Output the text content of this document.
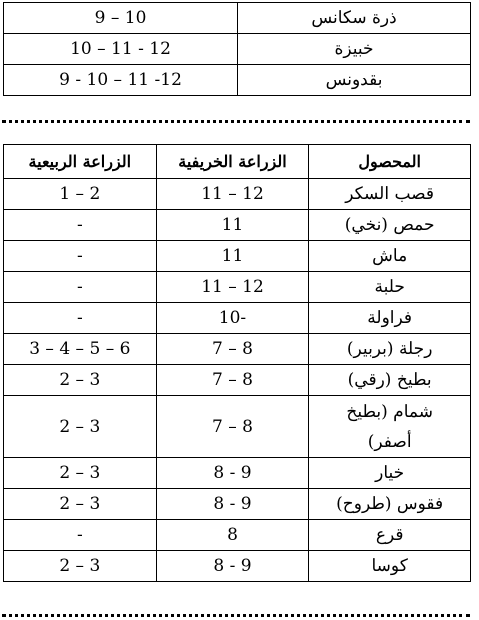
ذرة سكانس	10 – 9
خبيزة	12 - 11 – 10
بقدونس	12- 11 – 10 - 9
المحصول	الزراعة الخريفية	الزراعة الربيعية
قصب السكر	12 – 11	2 – 1
حمص (نخي)	11	-
ماش	11	-
حلبة	12 – 11	-
فراولة	-10	-
رجلة (بربير)	8 – 7	6 – 5 – 4 – 3
بطيخ (رقي)	8 – 7	3 – 2
شمام (بطيخ
أصفر)	8 – 7	3 – 2
خيار	9 - 8	3 – 2
فقوس (طروح)	9 - 8	3 – 2
قرع	8	-
كوسا	9 - 8	3 – 2
